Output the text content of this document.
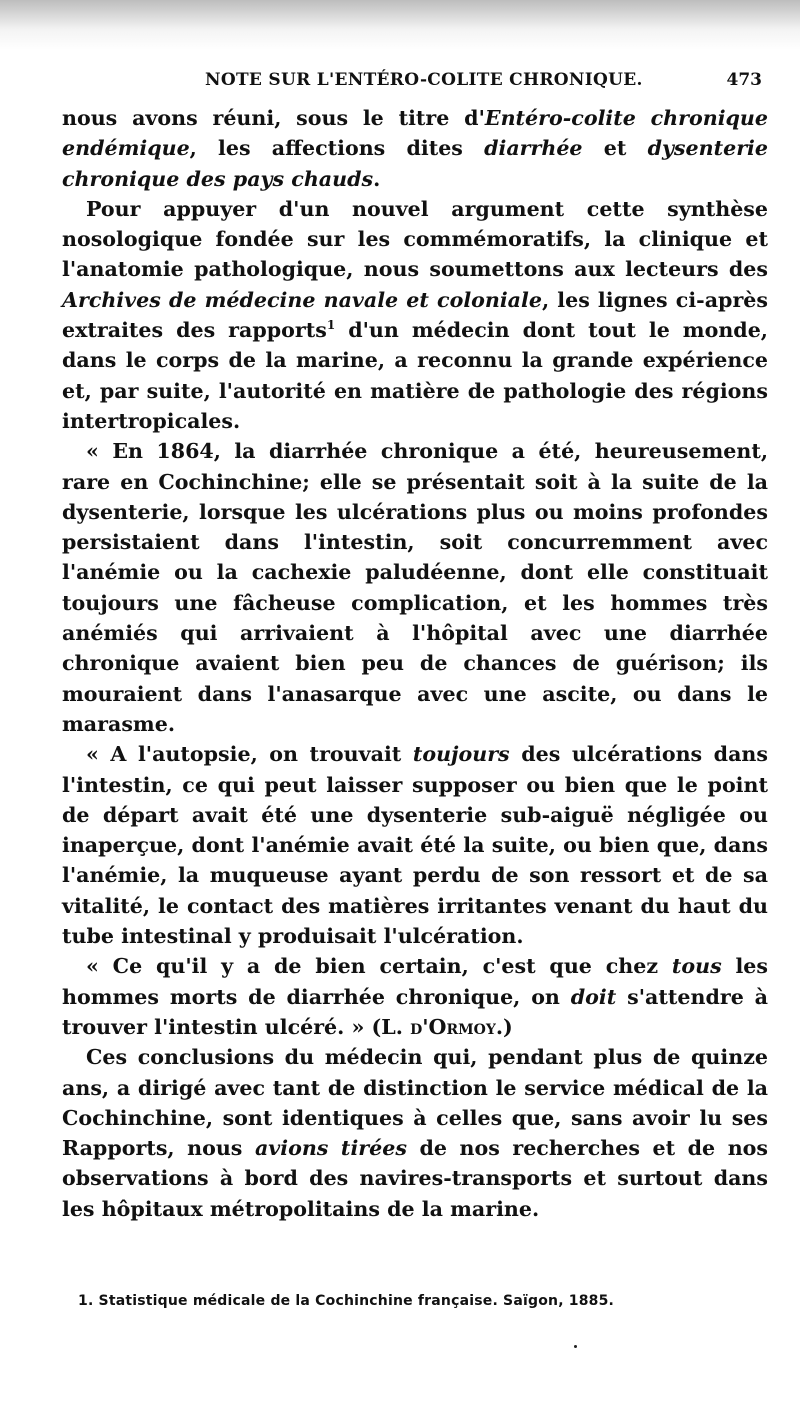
NOTE SUR L'ENTÉRO-COLITE CHRONIQUE.	473

nous avons réuni, sous le titre d'Entéro-colite chronique endémique, les affections dites diarrhée et dysenterie chronique des pays chauds.

Pour appuyer d'un nouvel argument cette synthèse nosologique fondée sur les commémoratifs, la clinique et l'anatomie pathologique, nous soumettons aux lecteurs des Archives de médecine navale et coloniale, les lignes ci-après extraites des rapports$^1$ d'un médecin dont tout le monde, dans le corps de la marine, a reconnu la grande expérience et, par suite, l'autorité en matière de pathologie des régions intertropicales.

« En 1864, la diarrhée chronique a été, heureusement, rare en Cochinchine; elle se présentait soit à la suite de la dysenterie, lorsque les ulcérations plus ou moins profondes persistaient dans l'intestin, soit concurremment avec l'anémie ou la cachexie paludéenne, dont elle constituait toujours une fâcheuse complication, et les hommes très anémiés qui arrivaient à l'hôpital avec une diarrhée chronique avaient bien peu de chances de guérison; ils mouraient dans l'anasarque avec une ascite, ou dans le marasme.

« A l'autopsie, on trouvait toujours des ulcérations dans l'intestin, ce qui peut laisser supposer ou bien que le point de départ avait été une dysenterie sub-aiguë négligée ou inaperçue, dont l'anémie avait été la suite, ou bien que, dans l'anémie, la muqueuse ayant perdu de son ressort et de sa vitalité, le contact des matières irritantes venant du haut du tube intestinal y produisait l'ulcération.

« Ce qu'il y a de bien certain, c'est que chez tous les hommes morts de diarrhée chronique, on doit s'attendre à trouver l'intestin ulcéré. » (L. d'Ormoy.)

Ces conclusions du médecin qui, pendant plus de quinze ans, a dirigé avec tant de distinction le service médical de la Cochinchine, sont identiques à celles que, sans avoir lu ses Rapports, nous avions tirées de nos recherches et de nos observations à bord des navires-transports et surtout dans les hôpitaux métropolitains de la marine.

1. Statistique médicale de la Cochinchine française. Saïgon, 1885.
